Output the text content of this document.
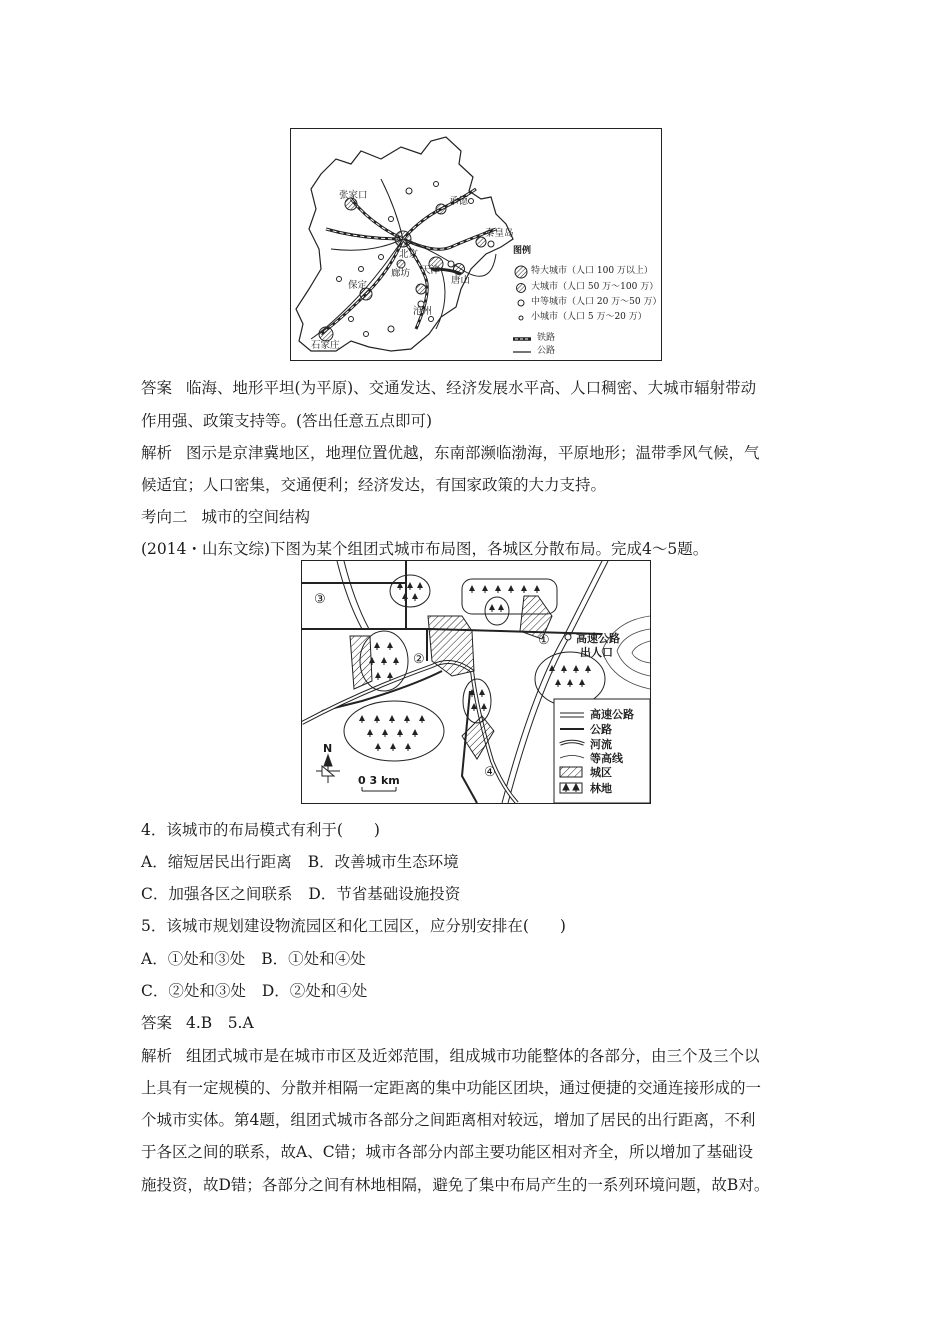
张家口
承德
秦皇岛
北京
廊坊 天津
唐山
保定
沧州
石家庄
图例
特大城市（人口 100 万以上）
大城市（人口 50 万～100 万）
中等城市（人口 20 万～50 万）
小城市（人口 5 万～20 万）
铁路
公路
答案 临海、地形平坦(为平原)、交通发达、经济发展水平高、人口稠密、大城市辐射带动
作用强、政策支持等。(答出任意五点即可)
解析 图示是京津冀地区，地理位置优越，东南部濒临渤海，平原地形；温带季风气候，气
候适宜；人口密集，交通便利；经济发达，有国家政策的大力支持。
考向二 城市的空间结构
(2014・山东文综)下图为某个组团式城市布局图，各城区分散布局。完成4～5题。
①
②
③
④
高速公路
出人口
N
0 3 km
高速公路
公路
河流
等高线
城区
林地
4．该城市的布局模式有利于(　　)
A．缩短居民出行距离 B．改善城市生态环境
C．加强各区之间联系 D．节省基础设施投资
5．该城市规划建设物流园区和化工园区，应分别安排在(　　)
A．①处和③处 B．①处和④处
C．②处和③处 D．②处和④处
答案 4.B　5.A
解析 组团式城市是在城市市区及近郊范围，组成城市功能整体的各部分，由三个及三个以
上具有一定规模的、分散并相隔一定距离的集中功能区团块，通过便捷的交通连接形成的一
个城市实体。第4题，组团式城市各部分之间距离相对较远，增加了居民的出行距离，不利
于各区之间的联系，故A、C错；城市各部分内部主要功能区相对齐全，所以增加了基础设
施投资，故D错；各部分之间有林地相隔，避免了集中布局产生的一系列环境问题，故B对。
